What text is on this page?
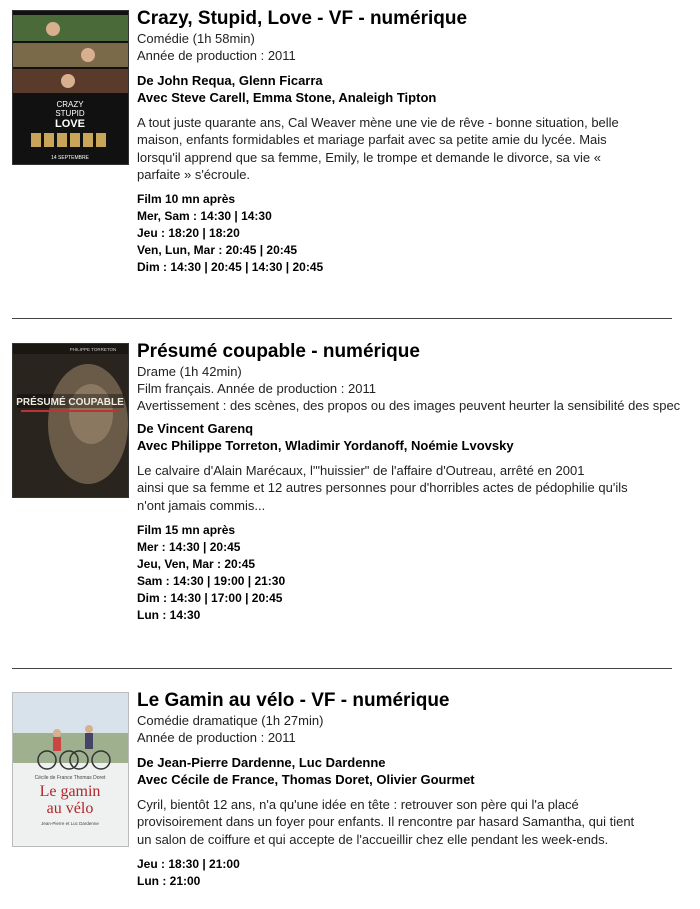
CRAZY
STUPID
LOVE
14 SEPTEMBRE
Crazy, Stupid, Love - VF - numérique
Comédie (1h 58min)
Année de production : 2011
De John Requa, Glenn Ficarra
Avec Steve Carell, Emma Stone, Analeigh Tipton
A tout juste quarante ans, Cal Weaver mène une vie de rêve - bonne situation, belle
maison, enfants formidables et mariage parfait avec sa petite amie du lycée. Mais
lorsqu'il apprend que sa femme, Emily, le trompe et demande le divorce, sa vie «
parfaite » s'écroule.
Film 10 mn après
Mer, Sam : 14:30 | 14:30
Jeu : 18:20 | 18:20
Ven, Lun, Mar : 20:45 | 20:45
Dim : 14:30 | 20:45 | 14:30 | 20:45
PHILIPPE TORRETON
PRÉSUMÉ COUPABLE
Présumé coupable - numérique
Drame (1h 42min)
Film français. Année de production : 2011
Avertissement : des scènes, des propos ou des images peuvent heurter la sensibilité des spec
De Vincent Garenq
Avec Philippe Torreton, Wladimir Yordanoff, Noémie Lvovsky
Le calvaire d'Alain Marécaux, l'"huissier" de l'affaire d'Outreau, arrêté en 2001
ainsi que sa femme et 12 autres personnes pour d'horribles actes de pédophilie qu'ils
n'ont jamais commis...
Film 15 mn après
Mer : 14:30 | 20:45
Jeu, Ven, Mar : 20:45
Sam : 14:30 | 19:00 | 21:30
Dim : 14:30 | 17:00 | 20:45
Lun : 14:30
Cécile de France Thomas Doret
Le gamin
au vélo
Jean-Pierre et Luc Dardenne
Le Gamin au vélo - VF - numérique
Comédie dramatique (1h 27min)
Année de production : 2011
De Jean-Pierre Dardenne, Luc Dardenne
Avec Cécile de France, Thomas Doret, Olivier Gourmet
Cyril, bientôt 12 ans, n'a qu'une idée en tête : retrouver son père qui l'a placé
provisoirement dans un foyer pour enfants. Il rencontre par hasard Samantha, qui tient
un salon de coiffure et qui accepte de l'accueillir chez elle pendant les week-ends.
Jeu : 18:30 | 21:00
Lun : 21:00
